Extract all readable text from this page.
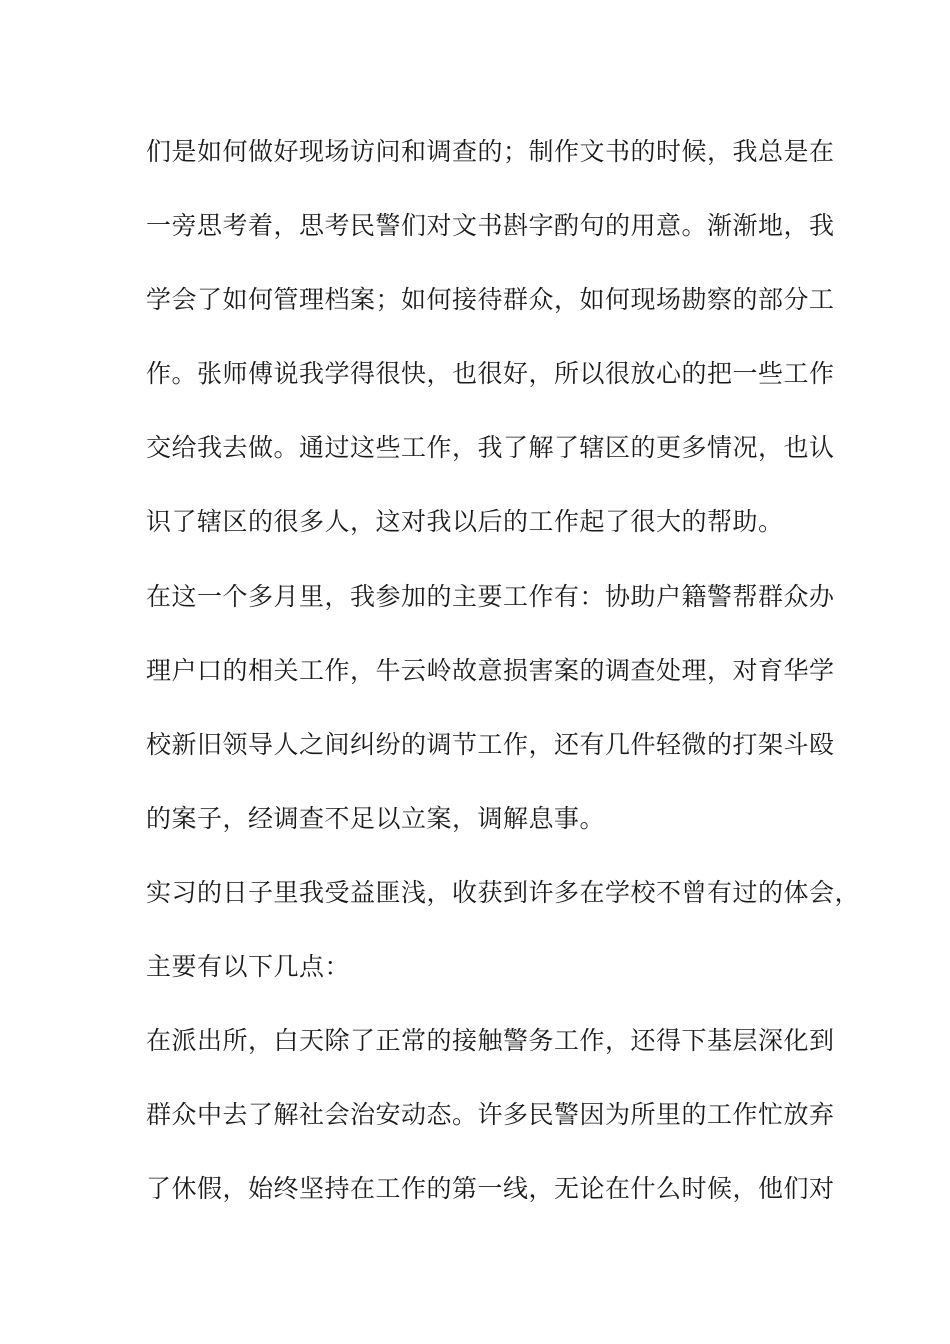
们是如何做好现场访问和调查的；制作文书的时候，我总是在

一旁思考着，思考民警们对文书斟字酌句的用意。渐渐地，我

学会了如何管理档案；如何接待群众，如何现场勘察的部分工

作。张师傅说我学得很快，也很好，所以很放心的把一些工作

交给我去做。通过这些工作，我了解了辖区的更多情况，也认

识了辖区的很多人，这对我以后的工作起了很大的帮助。

在这一个多月里，我参加的主要工作有：协助户籍警帮群众办

理户口的相关工作，牛云岭故意损害案的调查处理，对育华学

校新旧领导人之间纠纷的调节工作，还有几件轻微的打架斗殴

的案子，经调查不足以立案，调解息事。

实习的日子里我受益匪浅，收获到许多在学校不曾有过的体会，

主要有以下几点：

在派出所，白天除了正常的接触警务工作，还得下基层深化到

群众中去了解社会治安动态。许多民警因为所里的工作忙放弃

了休假，始终坚持在工作的第一线，无论在什么时候，他们对
